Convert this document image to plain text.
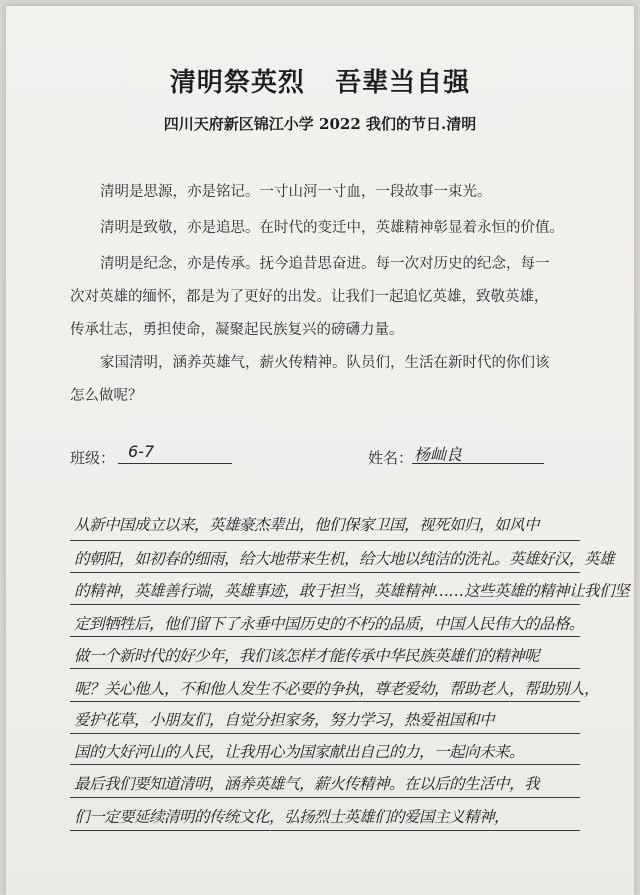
清明祭英烈   吾辈当自强
四川天府新区锦江小学 2022 我们的节日.清明
清明是思源，亦是铭记。一寸山河一寸血，一段故事一束光。
清明是致敬，亦是追思。在时代的变迁中，英雄精神彰显着永恒的价值。
清明是纪念，亦是传承。抚今追昔思奋进。每一次对历史的纪念，每一
次对英雄的缅怀，都是为了更好的出发。让我们一起追忆英雄，致敬英雄，
传承壮志，勇担使命，凝聚起民族复兴的磅礴力量。
家国清明，涵养英雄气，薪火传精神。队员们，生活在新时代的你们该
怎么做呢？
班级： 6-7	姓名： 杨屾良
从新中国成立以来，英雄豪杰辈出，他们保家卫国，视死如归，如风中
的朝阳，如初春的细雨，给大地带来生机，给大地以纯洁的洗礼。英雄好汉，英雄
的精神，英雄善行端，英雄事迹，敢于担当，英雄精神……这些英雄的精神让我们坚
定到牺牲后，他们留下了永垂中国历史的不朽的品质，中国人民伟大的品格。
做一个新时代的好少年，我们该怎样才能传承中华民族英雄们的精神呢
呢？关心他人，不和他人发生不必要的争执，尊老爱幼，帮助老人，帮助别人，
爱护花草，小朋友们，自觉分担家务，努力学习，热爱祖国和中
国的大好河山的人民，让我用心为国家献出自己的力，一起向未来。
最后我们要知道清明，涵养英雄气，薪火传精神。在以后的生活中，我
们一定要延续清明的传统文化，弘扬烈士英雄们的爱国主义精神，
